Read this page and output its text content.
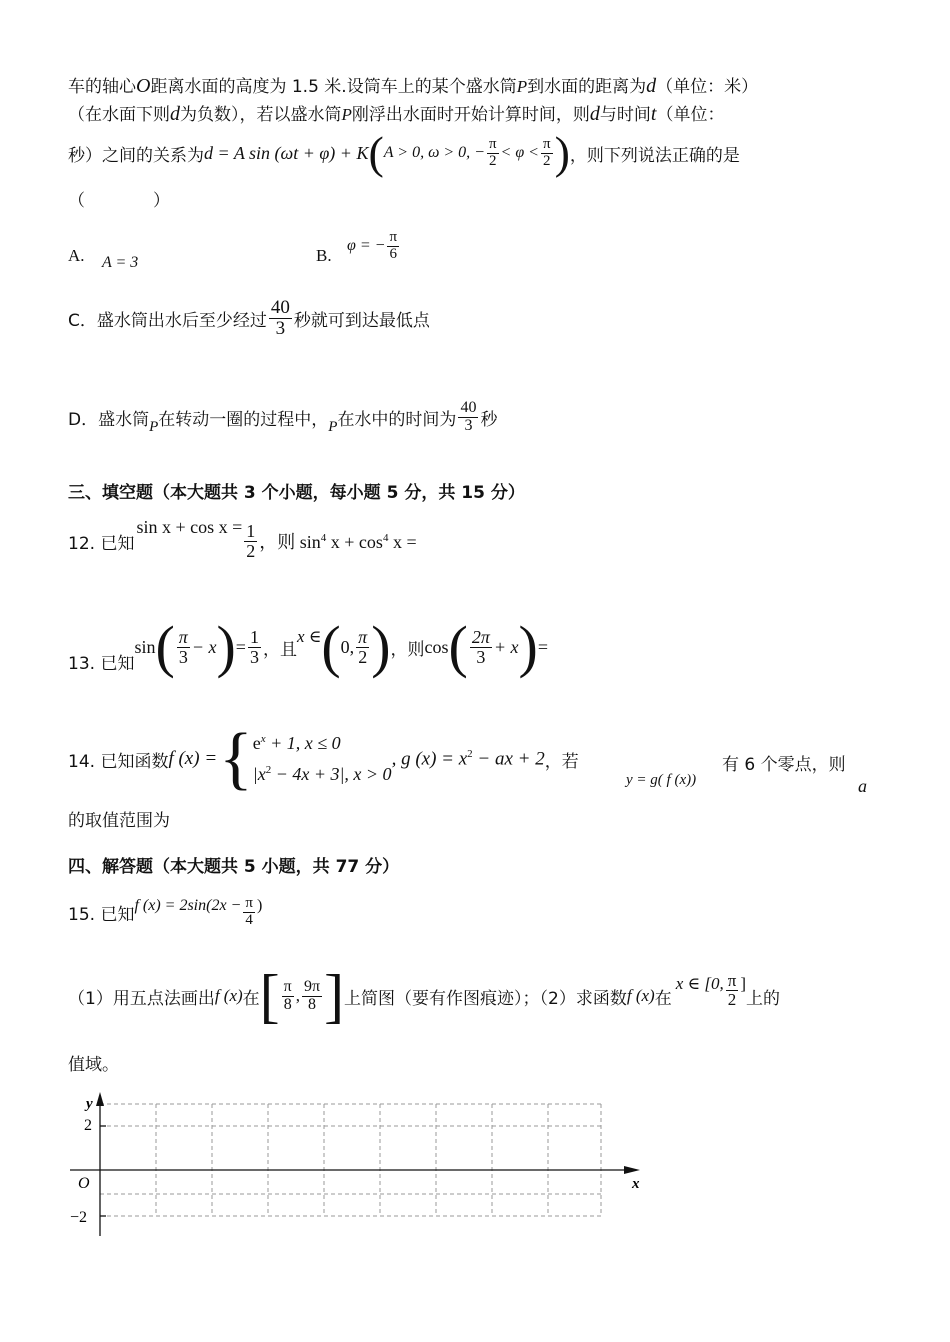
车的轴心O距离水面的高度为 1.5 米.设筒车上的某个盛水筒P到水面的距离为d（单位：米）
（在水面下则d为负数），若以盛水筒P刚浮出水面时开始计算时间，则d与时间t（单位：
秒）之间的关系为 d = A sin (ωt + φ) + K ( A > 0, ω > 0, − $\frac{\pi}{2} < \varphi < \frac{\pi}{2}$ ) ，则下列说法正确的是
（　　　　）
A. A = 3	B.
φ = − $\frac{\pi}{6}$
C．盛水筒出水后至少经过 $\frac{40}{3}$ 秒就可到达最低点
D．盛水筒 P 在转动一圈的过程中， P 在水中的时间为 $\frac{40}{3}$ 秒
三、填空题（本大题共 3 个小题，每小题 5 分，共 15 分）
12. 已知
$\sin x + \cos x = \frac{1}{2}$ ，则 $\sin^4 x + \cos^4 x$ =
13. 已知
sin ( $\frac{\pi}{3} - x$ ) = $\frac{1}{3}$ ，且
x ∈ ( 0, $\frac{\pi}{2}$ ) ，则 cos ( $\frac{2\pi}{3} + x$ ) =
14. 已知函数 f (x) = { $e^x + 1$, x ≤ 0
$|x^2 - 4x + 3|$, x > 0
, g $(x) = x^2$ − ax + 2 ，若
y = g( f (x))
有 6 个零点，则
a
的取值范围为
四、解答题（本大题共 5 小题，共 77 分）
15. 已知 f $(x) = 2\sin(2x - \frac{\pi}{4}$ )
（1）用五点法画出 f (x) 在 [ $\frac{\pi}{8}$ , $\frac{9\pi}{8}$ ] 上简图（要有作图痕迹）；（2）求函数 f (x) 在
x ∈ [0, $\frac{\pi}{2}$ ]
上的
值域。
y
x
O
2
−2
